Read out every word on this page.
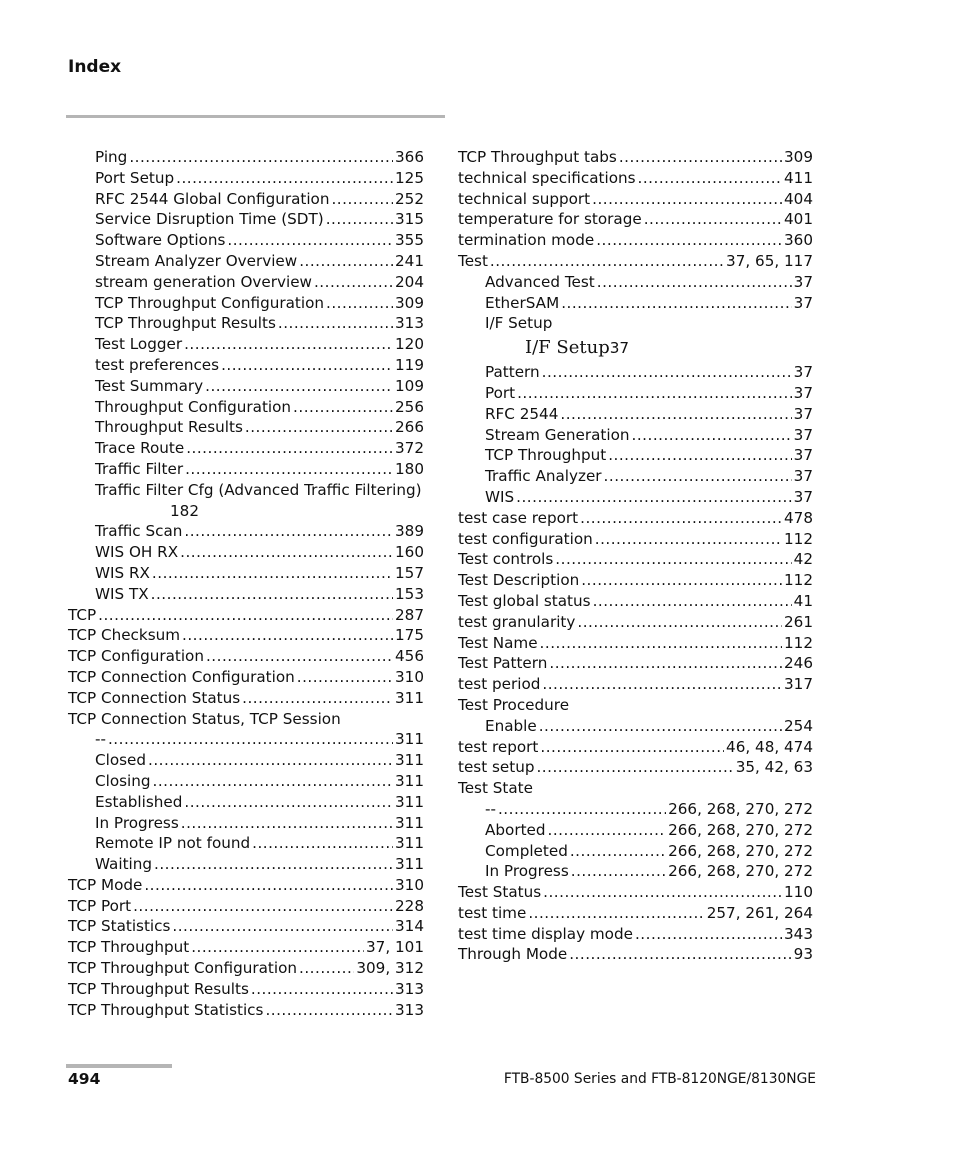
Index
Ping .....	366
Port Setup .....	125
RFC 2544 Global Configuration .....	252
Service Disruption Time (SDT) .....	315
Software Options .....	355
Stream Analyzer Overview .....	241
stream generation Overview .....	204
TCP Throughput Configuration .....	309
TCP Throughput Results .....	313
Test Logger .....	120
test preferences .....	119
Test Summary .....	109
Throughput Configuration .....	256
Throughput Results .....	266
Trace Route .....	372
Traffic Filter .....	180
Traffic Filter Cfg (Advanced Traffic Filtering)
182
Traffic Scan .....	389
WIS OH RX .....	160
WIS RX .....	157
WIS TX .....	153
TCP .....	287
TCP Checksum .....	175
TCP Configuration .....	456
TCP Connection Configuration .....	310
TCP Connection Status .....	311
TCP Connection Status, TCP Session
-- .....	311
Closed .....	311
Closing .....	311
Established .....	311
In Progress .....	311
Remote IP not found .....	311
Waiting .....	311
TCP Mode .....	310
TCP Port .....	228
TCP Statistics .....	314
TCP Throughput .....	37, 101
TCP Throughput Configuration .....	309, 312
TCP Throughput Results .....	313
TCP Throughput Statistics .....	313
TCP Throughput tabs .....	309
technical specifications .....	411
technical support .....	404
temperature for storage .....	401
termination mode .....	360
Test .....	37, 65, 117
Advanced Test .....	37
EtherSAM .....	37
I/F Setup
I/F Setup37
Pattern .....	37
Port .....	37
RFC 2544 .....	37
Stream Generation .....	37
TCP Throughput .....	37
Traffic Analyzer .....	37
WIS .....	37
test case report .....	478
test configuration .....	112
Test controls .....	42
Test Description .....	112
Test global status .....	41
test granularity .....	261
Test Name .....	112
Test Pattern .....	246
test period .....	317
Test Procedure
Enable .....	254
test report .....	46, 48, 474
test setup .....	35, 42, 63
Test State
-- .....	266, 268, 270, 272
Aborted .....	266, 268, 270, 272
Completed .....	266, 268, 270, 272
In Progress .....	266, 268, 270, 272
Test Status .....	110
test time .....	257, 261, 264
test time display mode .....	343
Through Mode .....	93
494	FTB-8500 Series and FTB-8120NGE/8130NGE
